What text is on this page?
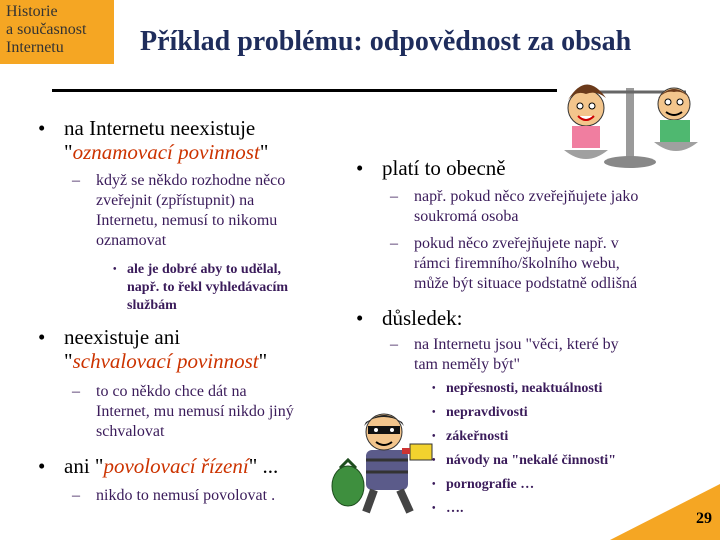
Historie
a současnost
Internetu	Příklad problému: odpovědnost za obsah
• na Internetu neexistuje
"oznamovací povinnost"
– když se někdo rozhodne něco
zveřejnit (zpřístupnit) na
Internetu, nemusí to nikomu
oznamovat
• ale je dobré aby to udělal,
např. to řekl vyhledávacím
službám
• neexistuje ani
"schvalovací povinnost"
– to co někdo chce dát na
Internet, mu nemusí nikdo jiný
schvalovat
• ani "povolovací řízení" ...
– nikdo to nemusí povolovat .
• platí to obecně
– např. pokud něco zveřejňujete jako
soukromá osoba
– pokud něco zveřejňujete např. v
rámci firemního/školního webu,
může být situace podstatně odlišná
• důsledek:
– na Internetu jsou "věci, které by
tam neměly být"
• nepřesnosti, neaktuálnosti
• nepravdivosti
• zákeřnosti
• návody na "nekalé činnosti"
• pornografie …
• ….
29
